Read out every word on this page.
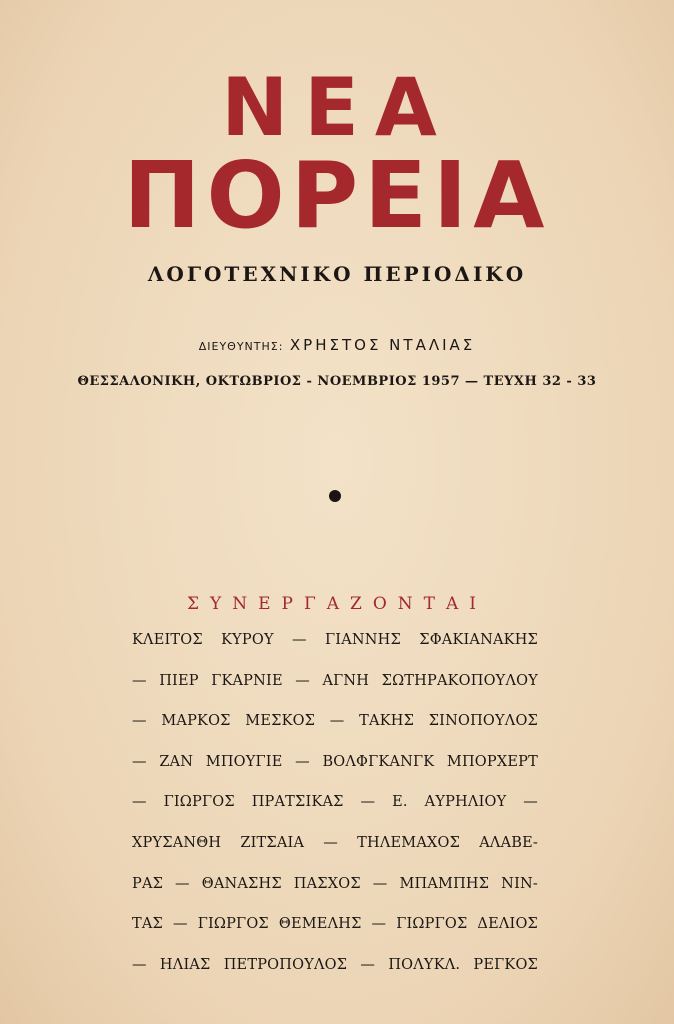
ΝΕΑ
ΠΟΡΕΙΑ
ΛΟΓΟΤΕΧΝΙΚΟ ΠΕΡΙΟΔΙΚΟ
ΔΙΕΥΘΥΝΤΗΣ: ΧΡΗΣΤΟΣ ΝΤΑΛΙΑΣ
ΘΕΣΣΑΛΟΝΙΚΗ, ΟΚΤΩΒΡΙΟΣ - ΝΟΕΜΒΡΙΟΣ 1957 — ΤΕΥΧΗ 32 - 33
ΣΥΝΕΡΓΑΖΟΝΤΑΙ
ΚΛΕΙΤΟΣ ΚΥΡΟΥ — ΓΙΑΝΝΗΣ ΣΦΑΚΙΑΝΑΚΗΣ
— ΠΙΕΡ ΓΚΑΡΝΙΕ — ΑΓΝΗ ΣΩΤΗΡΑΚΟΠΟΥΛΟΥ
— ΜΑΡΚΟΣ ΜΕΣΚΟΣ — ΤΑΚΗΣ ΣΙΝΟΠΟΥΛΟΣ
— ΖΑΝ ΜΠΟΥΓΙΕ — ΒΟΛΦΓΚΑΝΓΚ ΜΠΟΡΧΕΡΤ
— ΓΙΩΡΓΟΣ ΠΡΑΤΣΙΚΑΣ — Ε. ΑΥΡΗΛΙΟΥ —
ΧΡΥΣΑΝΘΗ ΖΙΤΣΑΙΑ — ΤΗΛΕΜΑΧΟΣ ΑΛΑΒΕ-
ΡΑΣ — ΘΑΝΑΣΗΣ ΠΑΣΧΟΣ — ΜΠΑΜΠΗΣ ΝΙΝ-
ΤΑΣ — ΓΙΩΡΓΟΣ ΘΕΜΕΛΗΣ — ΓΙΩΡΓΟΣ ΔΕΛΙΟΣ
— ΗΛΙΑΣ ΠΕΤΡΟΠΟΥΛΟΣ — ΠΟΛΥΚΛ. ΡΕΓΚΟΣ
